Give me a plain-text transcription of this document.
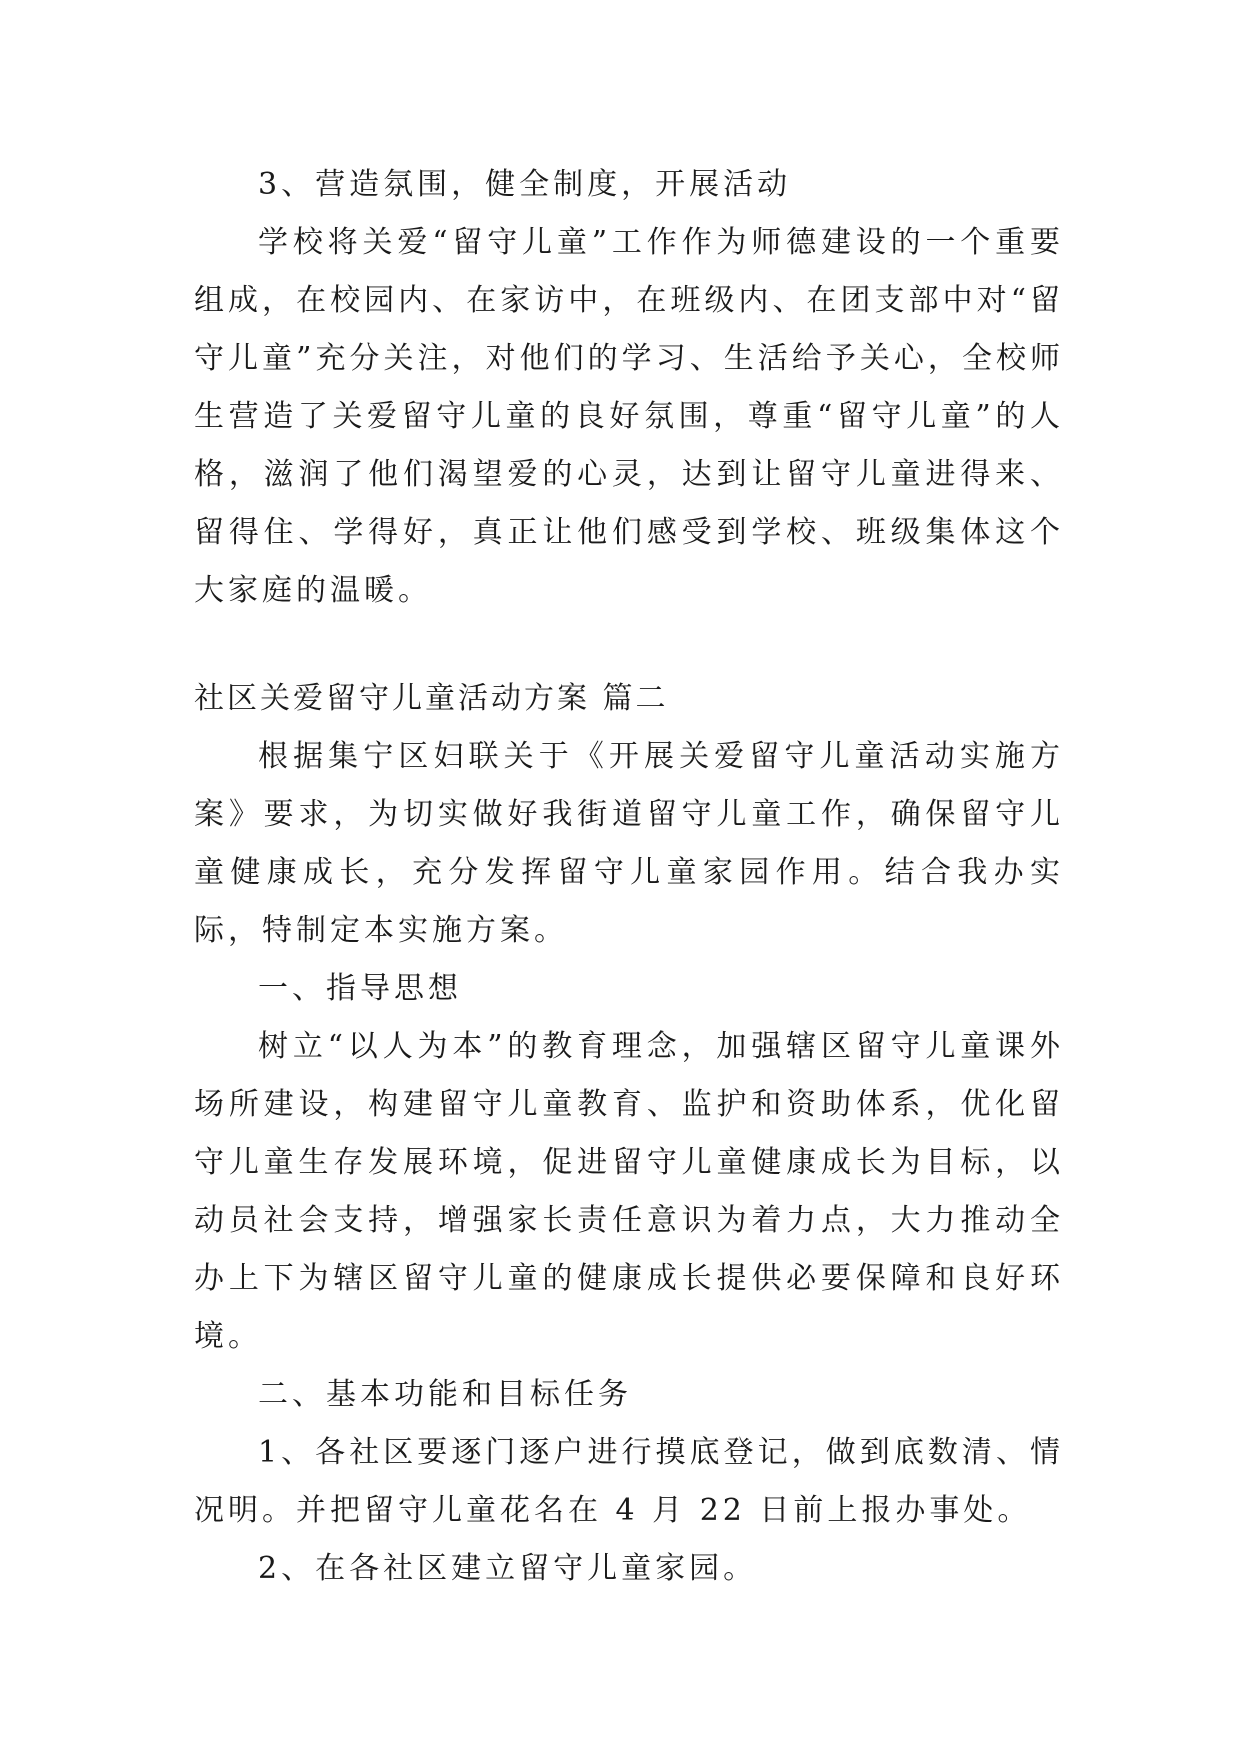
3、营造氛围，健全制度，开展活动

学校将关爱“留守儿童”工作作为师德建设的一个重要组成，在校园内、在家访中，在班级内、在团支部中对“留守儿童”充分关注，对他们的学习、生活给予关心，全校师生营造了关爱留守儿童的良好氛围，尊重“留守儿童”的人格，滋润了他们渴望爱的心灵，达到让留守儿童进得来、留得住、学得好，真正让他们感受到学校、班级集体这个大家庭的温暖。

社区关爱留守儿童活动方案 篇二

根据集宁区妇联关于《开展关爱留守儿童活动实施方案》要求，为切实做好我街道留守儿童工作，确保留守儿童健康成长，充分发挥留守儿童家园作用。结合我办实际，特制定本实施方案。

一、指导思想

树立“以人为本”的教育理念，加强辖区留守儿童课外场所建设，构建留守儿童教育、监护和资助体系，优化留守儿童生存发展环境，促进留守儿童健康成长为目标，以动员社会支持，增强家长责任意识为着力点，大力推动全办上下为辖区留守儿童的健康成长提供必要保障和良好环境。

二、基本功能和目标任务

1、各社区要逐门逐户进行摸底登记，做到底数清、情况明。并把留守儿童花名在 4 月 22 日前上报办事处。

2、在各社区建立留守儿童家园。
